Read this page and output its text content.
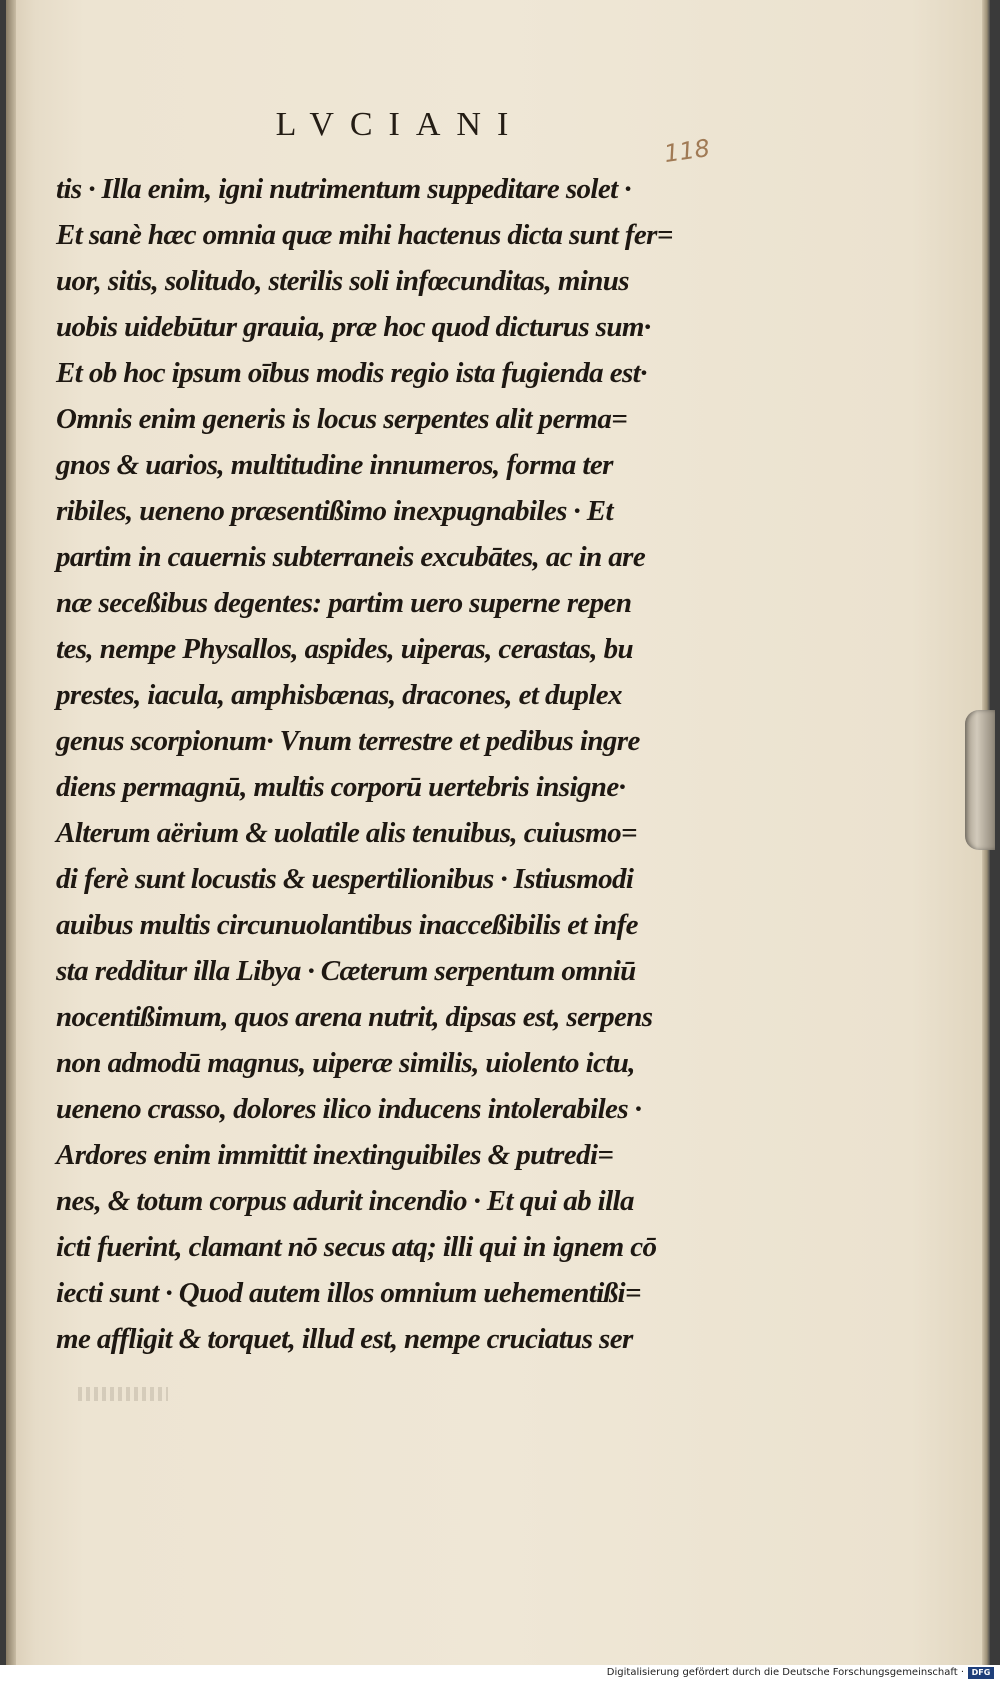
LVCIANI
118
tis · Illa enim, igni nutrimentum suppeditare solet ·
Et sanè hæc omnia quæ mihi hactenus dicta sunt fer=
uor, sitis, solitudo, sterilis soli infœcunditas, minus
uobis uidebūtur grauia, præ hoc quod dicturus sum·
Et ob hoc ipsum oībus modis regio ista fugienda est·
Omnis enim generis is locus serpentes alit perma=
gnos & uarios, multitudine innumeros, forma ter
ribiles, ueneno præsentißimo inexpugnabiles · Et
partim in cauernis subterraneis excubātes, ac in are
næ seceßibus degentes: partim uero superne repen
tes, nempe Physallos, aspides, uiperas, cerastas, bu
prestes, iacula, amphisbænas, dracones, et duplex
genus scorpionum· Vnum terrestre et pedibus ingre
diens permagnū, multis corporū uertebris insigne·
Alterum aërium & uolatile alis tenuibus, cuiusmo=
di ferè sunt locustis & uespertilionibus · Istiusmodi
auibus multis circunuolantibus inacceßibilis et infe
sta redditur illa Libya · Cæterum serpentum omniū
nocentißimum, quos arena nutrit, dipsas est, serpens
non admodū magnus, uiperæ similis, uiolento ictu,
ueneno crasso, dolores ilico inducens intolerabiles ·
Ardores enim immittit inextinguibiles & putredi=
nes, & totum corpus adurit incendio · Et qui ab illa
icti fuerint, clamant nō secus atq; illi qui in ignem cō
iecti sunt · Quod autem illos omnium uehementißi=
me affligit & torquet, illud est, nempe cruciatus ser
Digitalisierung gefördert durch die Deutsche Forschungsgemeinschaft · DFG
